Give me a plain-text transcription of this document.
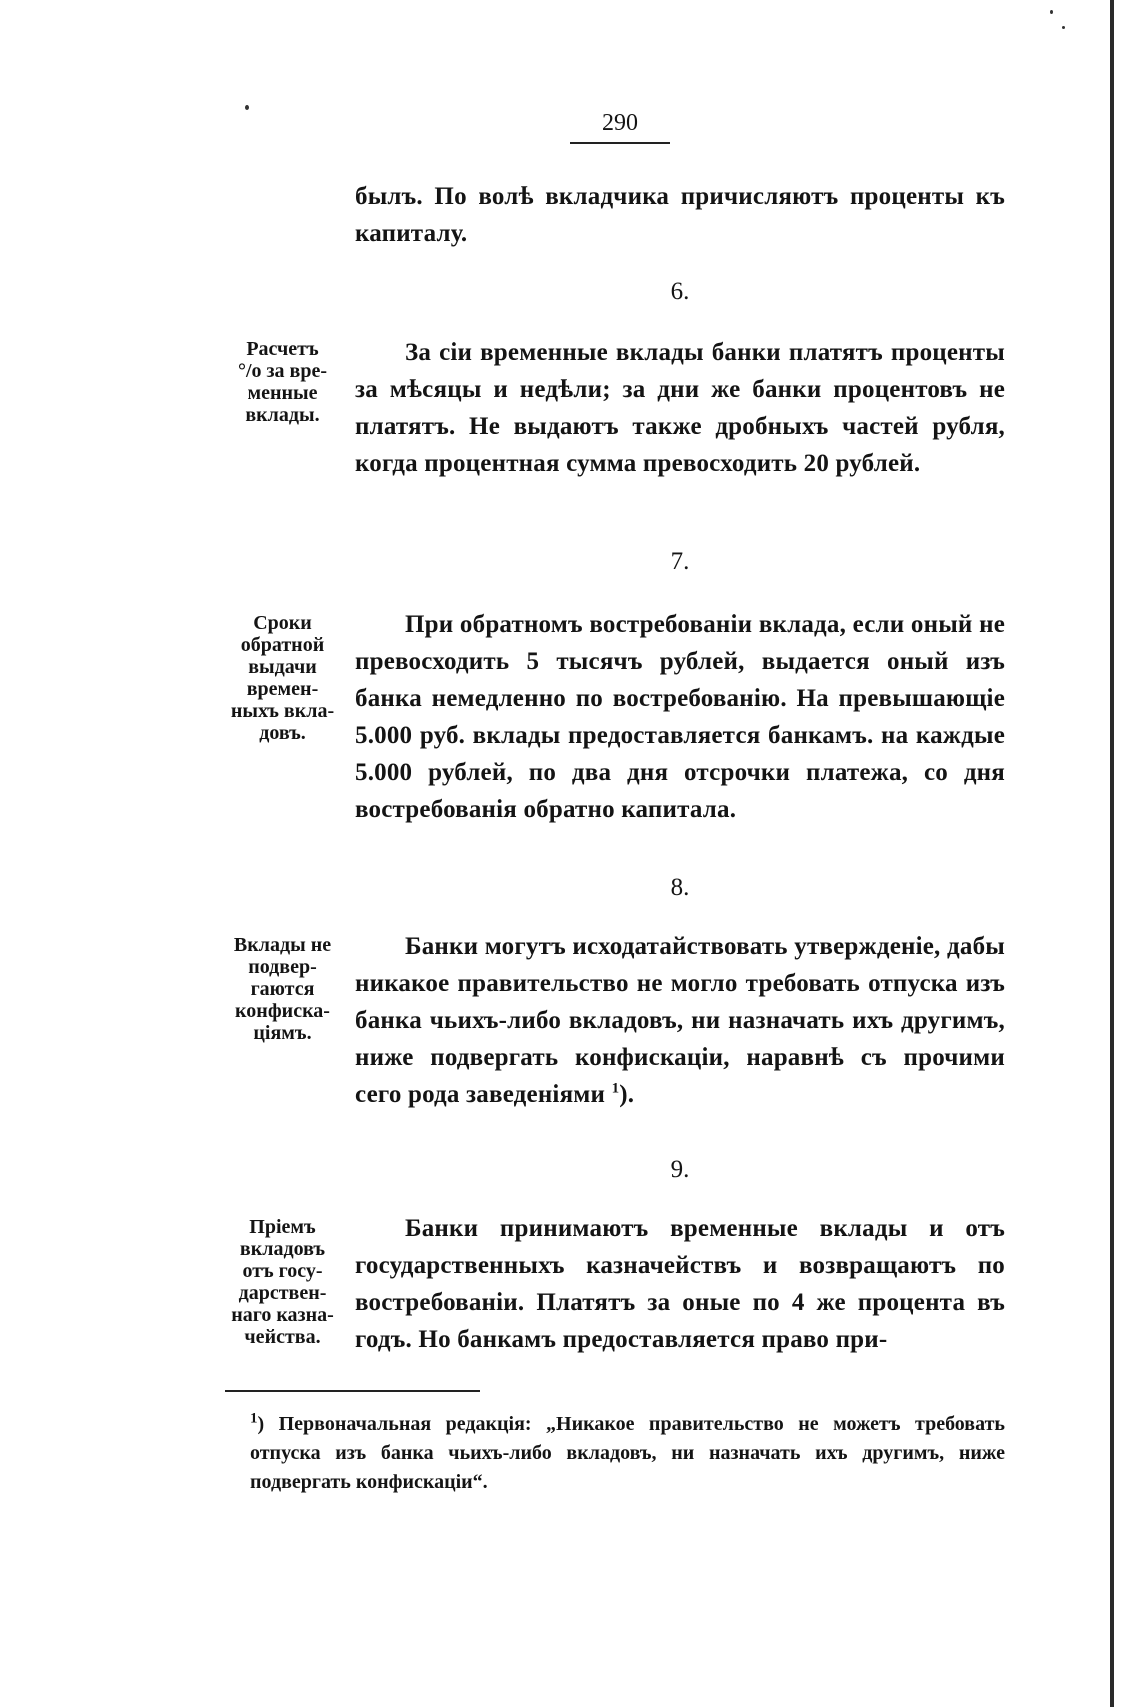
290
былъ. По волѣ вкладчика причисляютъ проценты къ капиталу.
6.
Расчетъ
°/о за вре-
менные
вклады.
За сіи временные вклады банки платятъ проценты за мѣсяцы и недѣли; за дни же банки процентовъ не платятъ. Не выдаютъ также дробныхъ частей рубля, когда процентная сумма превосходить 20 рублей.
7.
Сроки
обратной
выдачи
времен-
ныхъ вкла-
довъ.
При обратномъ востребованіи вклада, если оный не превосходить 5 тысячъ рублей, выдается оный изъ банка немедленно по востребованію. На превышающіе 5.000 руб. вклады предоставляется банкамъ. на каждые 5.000 рублей, по два дня отсрочки платежа, со дня востребованія обратно капитала.
8.
Вклады не
подвер-
гаются
конфиска-
ціямъ.
Банки могутъ исходатайствовать утвержденіе, дабы никакое правительство не могло требовать отпуска изъ банка чьихъ-либо вкладовъ, ни назначать ихъ другимъ, ниже подвергать конфискаціи, наравнѣ съ прочими сего рода заведеніями $^1$).
9.
Пріемъ
вкладовъ
отъ госу-
дарствен-
наго казна-
чейства.
Банки принимаютъ временные вклады и отъ государственныхъ казначействъ и возвращаютъ по востребованіи. Платятъ за оные по 4 же процента въ годъ. Но банкамъ предоставляется право при-
$^1$) Первоначальная редакція: „Никакое правительство не можетъ требовать отпуска изъ банка чьихъ-либо вкладовъ, ни назначать ихъ другимъ, ниже подвергать конфискаціи“.
